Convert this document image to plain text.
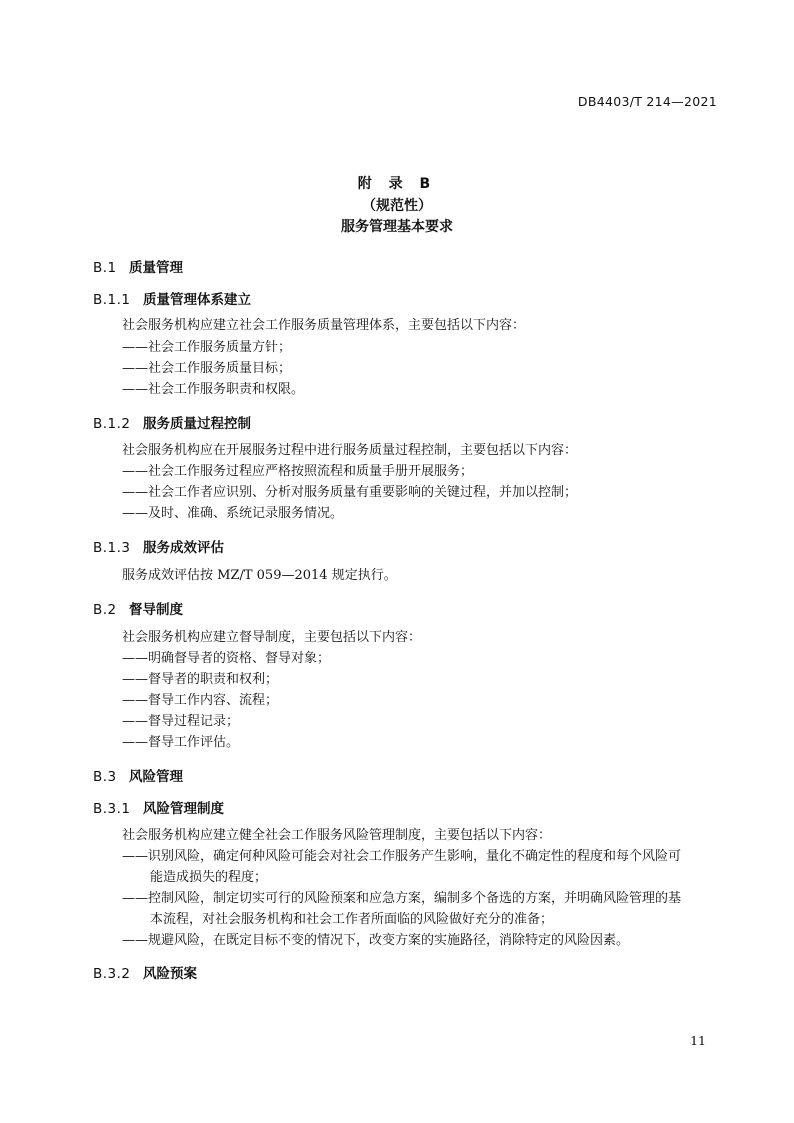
DB4403/T 214—2021
附 录 B
（规范性）
服务管理基本要求
B.1 质量管理
B.1.1 质量管理体系建立
社会服务机构应建立社会工作服务质量管理体系，主要包括以下内容：
——社会工作服务质量方针；
——社会工作服务质量目标；
——社会工作服务职责和权限。
B.1.2 服务质量过程控制
社会服务机构应在开展服务过程中进行服务质量过程控制，主要包括以下内容：
——社会工作服务过程应严格按照流程和质量手册开展服务；
——社会工作者应识别、分析对服务质量有重要影响的关键过程，并加以控制；
——及时、准确、系统记录服务情况。
B.1.3 服务成效评估
服务成效评估按 MZ/T 059—2014 规定执行。
B.2 督导制度
社会服务机构应建立督导制度，主要包括以下内容：
——明确督导者的资格、督导对象；
——督导者的职责和权利；
——督导工作内容、流程；
——督导过程记录；
——督导工作评估。
B.3 风险管理
B.3.1 风险管理制度
社会服务机构应建立健全社会工作服务风险管理制度，主要包括以下内容：
——识别风险，确定何种风险可能会对社会工作服务产生影响，量化不确定性的程度和每个风险可
能造成损失的程度；
——控制风险，制定切实可行的风险预案和应急方案，编制多个备选的方案，并明确风险管理的基
本流程，对社会服务机构和社会工作者所面临的风险做好充分的准备；
——规避风险，在既定目标不变的情况下，改变方案的实施路径，消除特定的风险因素。
B.3.2 风险预案
11
